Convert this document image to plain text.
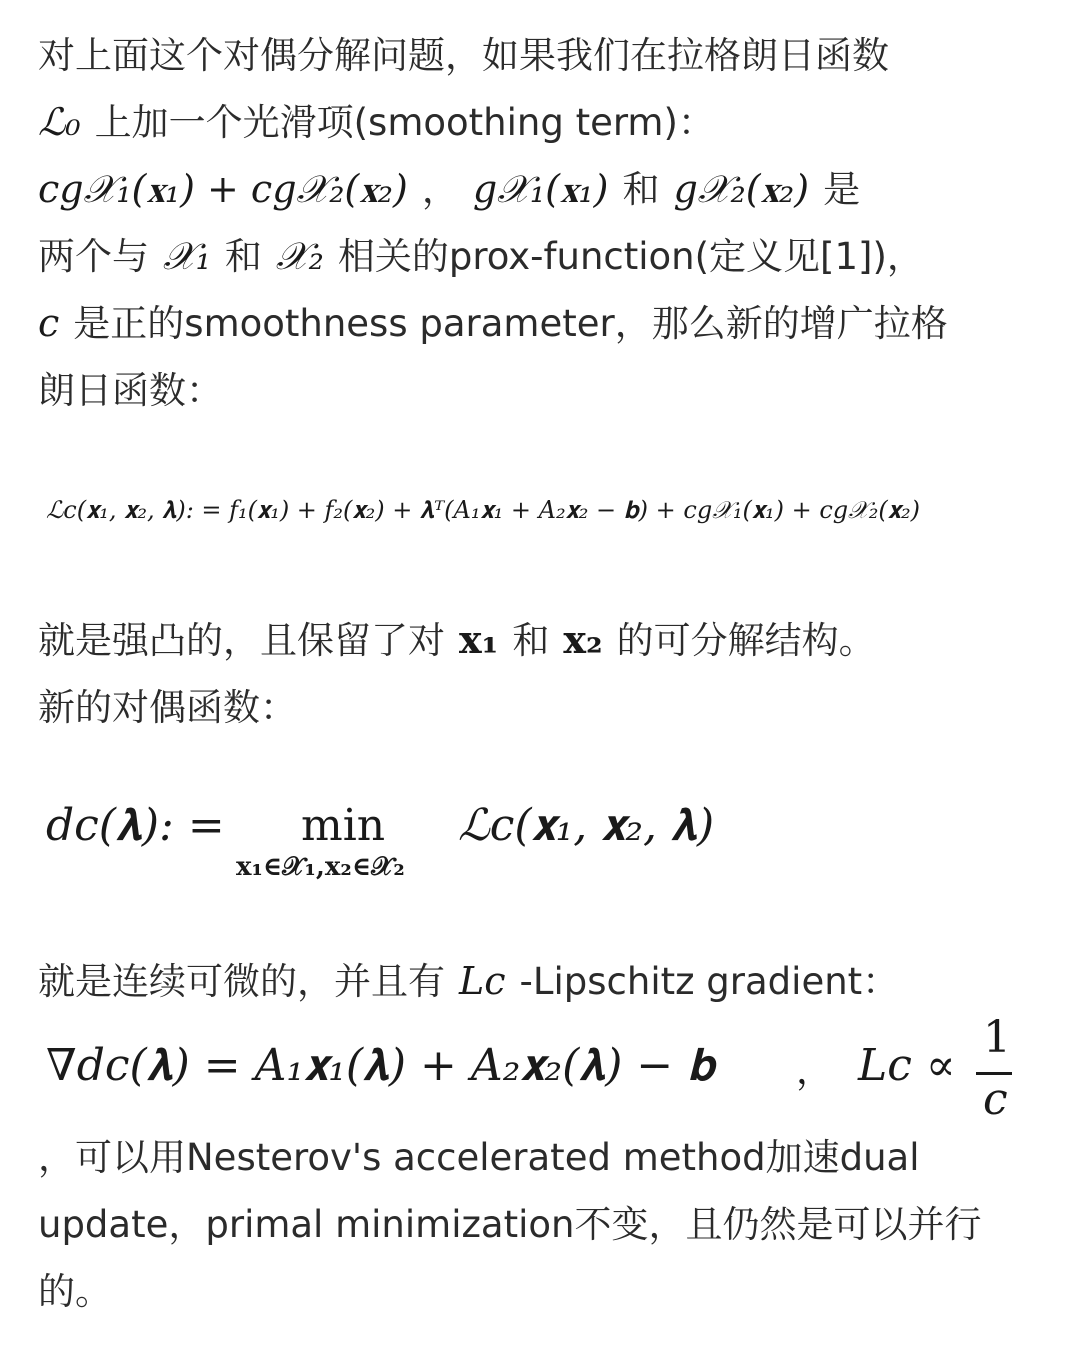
对上面这个对偶分解问题，如果我们在拉格朗日函数
ℒ₀ 上加一个光滑项(smoothing term)：
cg𝒳₁(𝐱₁) + cg𝒳₂(𝐱₂) ， g𝒳₁(𝐱₁) 和 g𝒳₂(𝐱₂) 是
两个与 𝒳₁ 和 𝒳₂ 相关的prox-function(定义见[1])，
c 是正的smoothness parameter，那么新的增广拉格
朗日函数：
ℒc(𝐱₁, 𝐱₂, 𝛌): = f₁(𝐱₁) + f₂(𝐱₂) + 𝛌ᵀ(A₁𝐱₁ + A₂𝐱₂ − 𝐛) + cg𝒳₁(𝐱₁) + cg𝒳₂(𝐱₂)
就是强凸的，且保留了对 𝐱₁ 和 𝐱₂ 的可分解结构。
新的对偶函数：
dc(𝛌): = min
𝐱₁∈𝒳₁,𝐱₂∈𝒳₂
ℒc(𝐱₁, 𝐱₂, 𝛌)
就是连续可微的，并且有 Lc -Lipschitz gradient：
∇dc(𝛌) = A₁𝐱₁(𝛌) + A₂𝐱₂(𝛌) − 𝐛 ， Lc ∝
1
c
，可以用Nesterov's accelerated method加速dual
update，primal minimization不变，且仍然是可以并行
的。
